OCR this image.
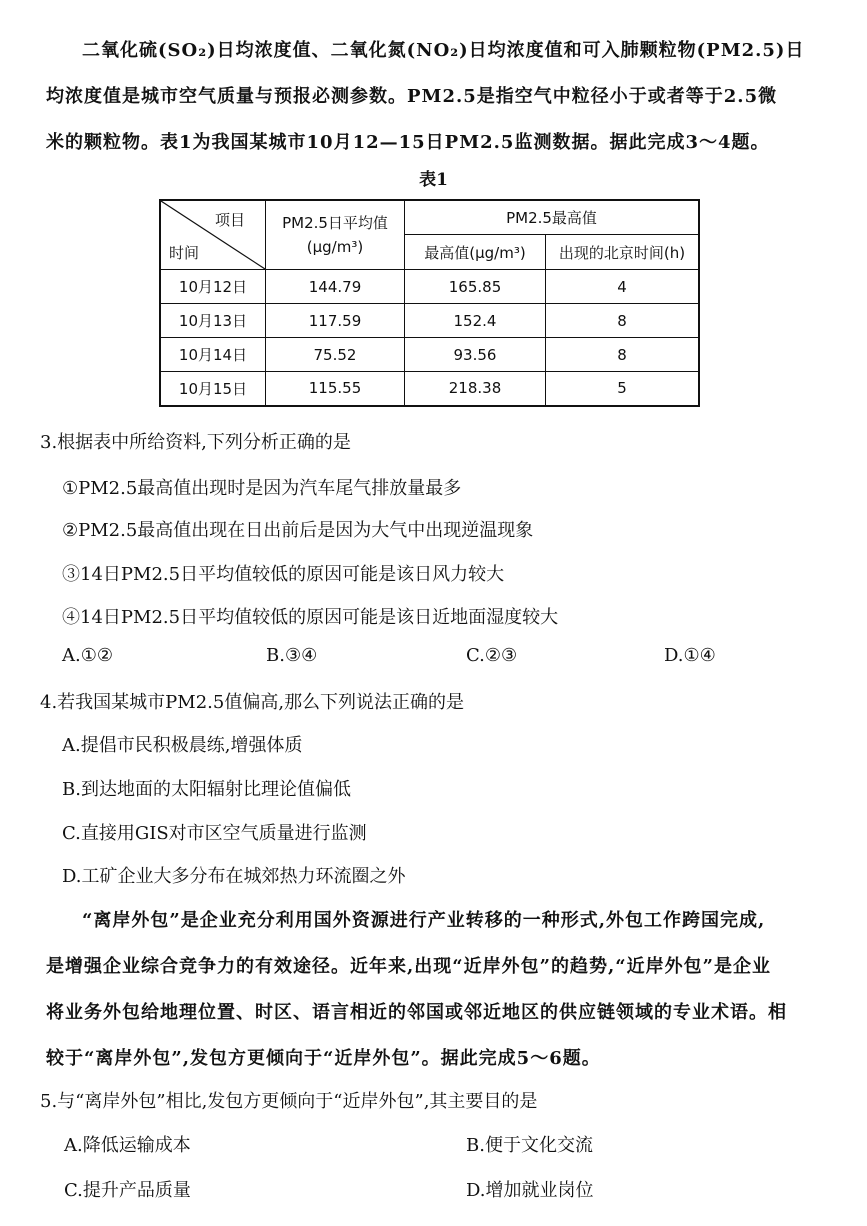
二氧化硫(SO₂)日均浓度值、二氧化氮(NO₂)日均浓度值和可入肺颗粒物(PM2.5)日
均浓度值是城市空气质量与预报必测参数。PM2.5是指空气中粒径小于或者等于2.5微
米的颗粒物。表1为我国某城市10月12—15日PM2.5监测数据。据此完成3～4题。
表1
项目
时间	PM2.5日平均值(μg/m³)	PM2.5最高值	
		最高值(μg/m³)	出现的北京时间(h)
10月12日	144.79	165.85	4
10月13日	117.59	152.4	8
10月14日	75.52	93.56	8
10月15日	115.55	218.38	5
3.根据表中所给资料,下列分析正确的是
①PM2.5最高值出现时是因为汽车尾气排放量最多
②PM2.5最高值出现在日出前后是因为大气中出现逆温现象
③14日PM2.5日平均值较低的原因可能是该日风力较大
④14日PM2.5日平均值较低的原因可能是该日近地面湿度较大
A.①②	B.③④	C.②③	D.①④
4.若我国某城市PM2.5值偏高,那么下列说法正确的是
A.提倡市民积极晨练,增强体质
B.到达地面的太阳辐射比理论值偏低
C.直接用GIS对市区空气质量进行监测
D.工矿企业大多分布在城郊热力环流圈之外
“离岸外包”是企业充分利用国外资源进行产业转移的一种形式,外包工作跨国完成,
是增强企业综合竞争力的有效途径。近年来,出现“近岸外包”的趋势,“近岸外包”是企业
将业务外包给地理位置、时区、语言相近的邻国或邻近地区的供应链领域的专业术语。相
较于“离岸外包”,发包方更倾向于“近岸外包”。据此完成5～6题。
5.与“离岸外包”相比,发包方更倾向于“近岸外包”,其主要目的是
A.降低运输成本	B.便于文化交流
C.提升产品质量	D.增加就业岗位
